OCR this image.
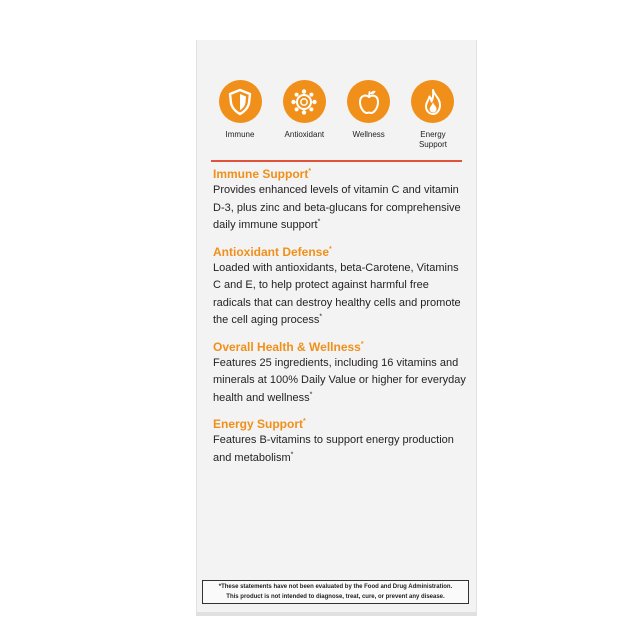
Immune	Antioxidant	Wellness	Energy
Support
Immune Support*

Provides enhanced levels of vitamin C and vitamin D-3, plus zinc and beta-glucans for comprehensive daily immune support*

Antioxidant Defense*

Loaded with antioxidants, beta-Carotene, Vitamins C and E, to help protect against harmful free radicals that can destroy healthy cells and promote the cell aging process*

Overall Health & Wellness*

Features 25 ingredients, including 16 vitamins and minerals at 100% Daily Value or higher for everyday health and wellness*

Energy Support*

Features B-vitamins to support energy production and metabolism*

*These statements have not been evaluated by the Food and Drug Administration.
This product is not intended to diagnose, treat, cure, or prevent any disease.
